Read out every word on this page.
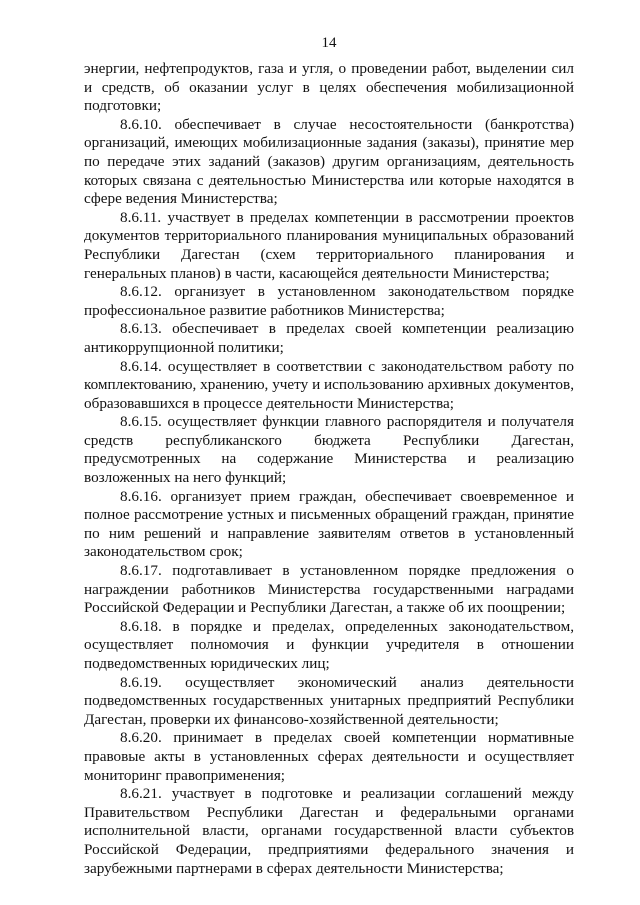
14

энергии, нефтепродуктов, газа и угля, о проведении работ, выделении сил и средств, об оказании услуг в целях обеспечения мобилизационной подготовки;

8.6.10. обеспечивает в случае несостоятельности (банкротства) организаций, имеющих мобилизационные задания (заказы), принятие мер по передаче этих заданий (заказов) другим организациям, деятельность которых связана с деятельностью Министерства или которые находятся в сфере ведения Министерства;

8.6.11. участвует в пределах компетенции в рассмотрении проектов документов территориального планирования муниципальных образований Республики Дагестан (схем территориального планирования и генеральных планов) в части, касающейся деятельности Министерства;

8.6.12. организует в установленном законодательством порядке профессиональное развитие работников Министерства;

8.6.13. обеспечивает в пределах своей компетенции реализацию антикоррупционной политики;

8.6.14. осуществляет в соответствии с законодательством работу по комплектованию, хранению, учету и использованию архивных документов, образовавшихся в процессе деятельности Министерства;

8.6.15. осуществляет функции главного распорядителя и получателя средств республиканского бюджета Республики Дагестан, предусмотренных на содержание Министерства и реализацию возложенных на него функций;

8.6.16. организует прием граждан, обеспечивает своевременное и полное рассмотрение устных и письменных обращений граждан, принятие по ним решений и направление заявителям ответов в установленный законодательством срок;

8.6.17. подготавливает в установленном порядке предложения о награждении работников Министерства государственными наградами Российской Федерации и Республики Дагестан, а также об их поощрении;

8.6.18. в порядке и пределах, определенных законодательством, осуществляет полномочия и функции учредителя в отношении подведомственных юридических лиц;

8.6.19. осуществляет экономический анализ деятельности подведомственных государственных унитарных предприятий Республики Дагестан, проверки их финансово-хозяйственной деятельности;

8.6.20. принимает в пределах своей компетенции нормативные правовые акты в установленных сферах деятельности и осуществляет мониторинг правоприменения;

8.6.21. участвует в подготовке и реализации соглашений между Правительством Республики Дагестан и федеральными органами исполнительной власти, органами государственной власти субъектов Российской Федерации, предприятиями федерального значения и зарубежными партнерами в сферах деятельности Министерства;
